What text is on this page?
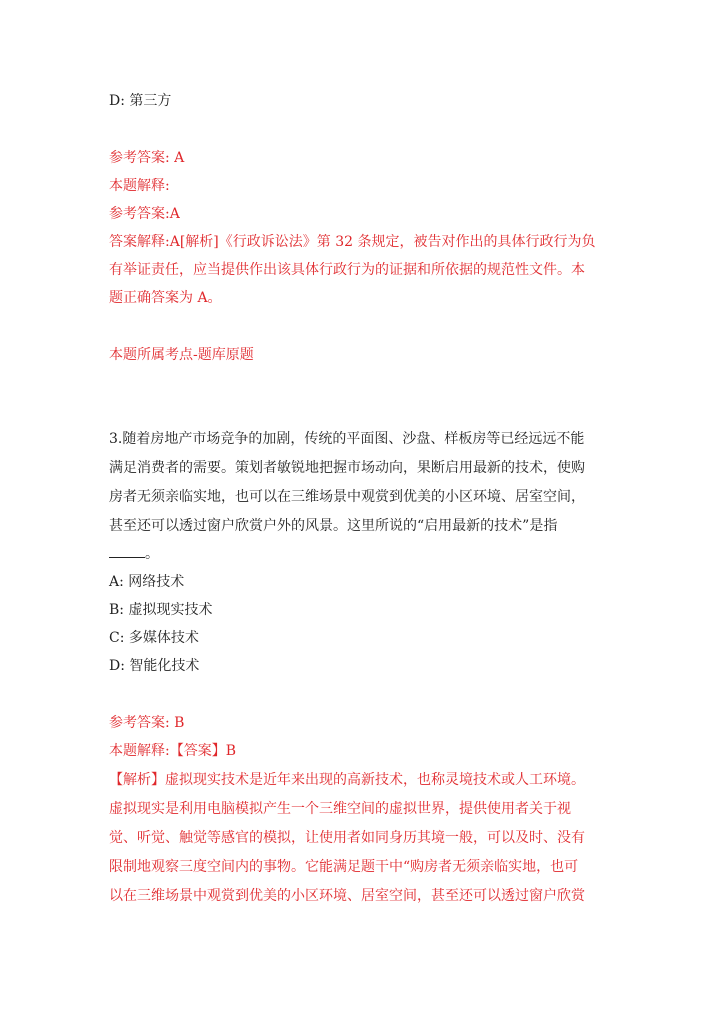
D: 第三方
参考答案: A
本题解释:
参考答案:A
答案解释:A[解析]《行政诉讼法》第 32 条规定，被告对作出的具体行政行为负
有举证责任，应当提供作出该具体行政行为的证据和所依据的规范性文件。本
题正确答案为 A。
本题所属考点-题库原题
3.随着房地产市场竞争的加剧，传统的平面图、沙盘、样板房等已经远远不能
满足消费者的需要。策划者敏锐地把握市场动向，果断启用最新的技术，使购
房者无须亲临实地，也可以在三维场景中观赏到优美的小区环境、居室空间，
甚至还可以透过窗户欣赏户外的风景。这里所说的“启用最新的技术”是指
。
A: 网络技术
B: 虚拟现实技术
C: 多媒体技术
D: 智能化技术
参考答案: B
本题解释:【答案】B
【解析】虚拟现实技术是近年来出现的高新技术，也称灵境技术或人工环境。
虚拟现实是利用电脑模拟产生一个三维空间的虚拟世界，提供使用者关于视
觉、听觉、触觉等感官的模拟，让使用者如同身历其境一般，可以及时、没有
限制地观察三度空间内的事物。它能满足题干中“购房者无须亲临实地，也可
以在三维场景中观赏到优美的小区环境、居室空间，甚至还可以透过窗户欣赏
